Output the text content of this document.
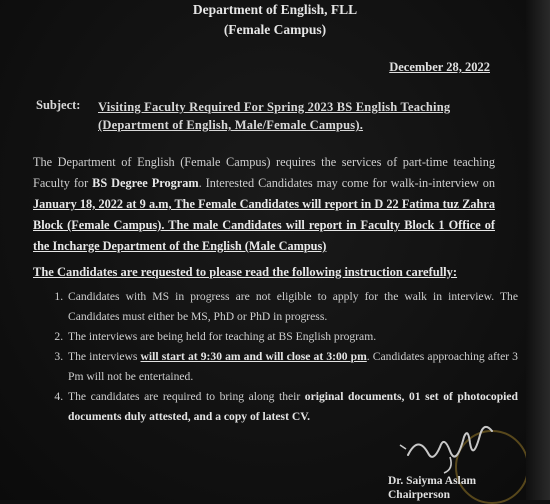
Department of English, FLL
(Female Campus)
December 28, 2022
Subject: Visiting Faculty Required For Spring 2023 BS English Teaching
(Department of English, Male/Female Campus).
The Department of English (Female Campus) requires the services of part-time teaching Faculty for BS Degree Program. Interested Candidates may come for walk-in-interview on January 18, 2022 at 9 a.m, The Female Candidates will report in D 22 Fatima tuz Zahra Block (Female Campus). The male Candidates will report in Faculty Block 1 Office of the Incharge Department of the English (Male Campus)
The Candidates are requested to please read the following instruction carefully:
1. Candidates with MS in progress are not eligible to apply for the walk in interview. The Candidates must either be MS, PhD or PhD in progress.
2. The interviews are being held for teaching at BS English program.
3. The interviews will start at 9:30 am and will close at 3:00 pm. Candidates approaching after 3 Pm will not be entertained.
4. The candidates are required to bring along their original documents, 01 set of photocopied documents duly attested, and a copy of latest CV.
Dr. Saiyma Aslam
Chairperson
